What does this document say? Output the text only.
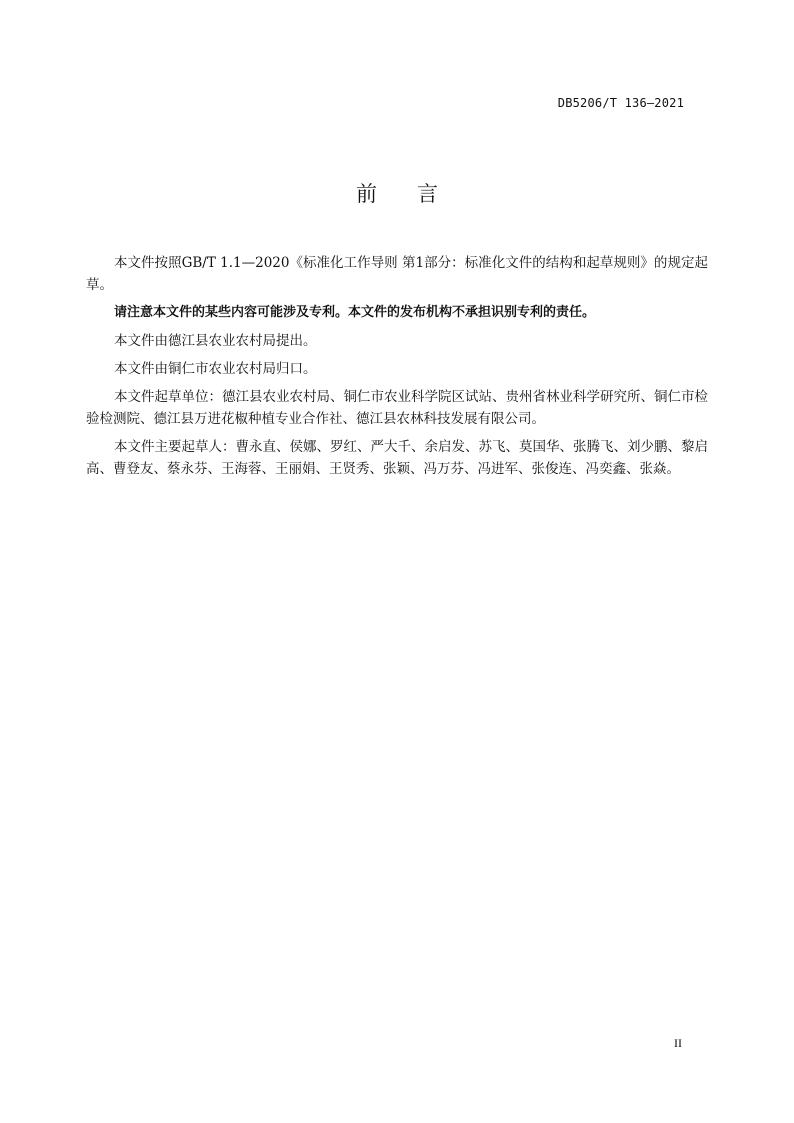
DB5206/T 136—2021
前言

本文件按照GB/T 1.1—2020《标准化工作导则 第1部分：标准化文件的结构和起草规则》的规定起草。

请注意本文件的某些内容可能涉及专利。本文件的发布机构不承担识别专利的责任。

本文件由德江县农业农村局提出。

本文件由铜仁市农业农村局归口。

本文件起草单位：德江县农业农村局、铜仁市农业科学院区试站、贵州省林业科学研究所、铜仁市检验检测院、德江县万进花椒种植专业合作社、德江县农林科技发展有限公司。

本文件主要起草人：曹永直、侯娜、罗红、严大千、余启发、苏飞、莫国华、张腾飞、刘少鹏、黎启高、曹登友、蔡永芬、王海蓉、王丽娟、王贤秀、张颖、冯万芬、冯进军、张俊连、冯奕鑫、张焱。

II
